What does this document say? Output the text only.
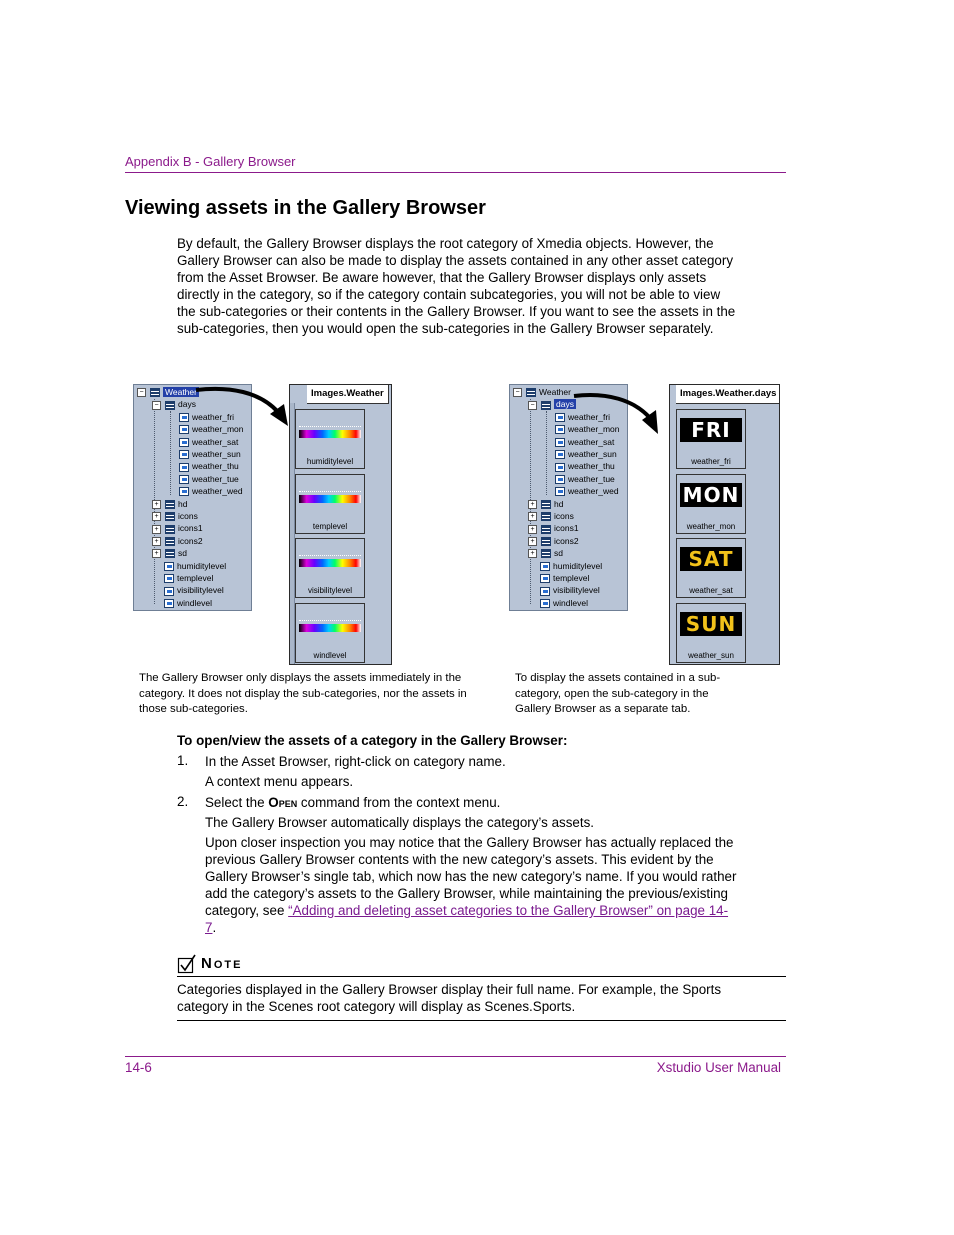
Appendix B - Gallery Browser
Viewing assets in the Gallery Browser
By default, the Gallery Browser displays the root category of Xmedia objects. However, the Gallery Browser can also be made to display the assets contained in any other asset category from the Asset Browser. Be aware however, that the Gallery Browser displays only assets directly in the category, so if the category contain subcategories, you will not be able to view the sub-categories or their contents in the Gallery Browser. If you want to see the assets in the sub-categories, then you would open the sub-categories in the Gallery Browser separately.
−	Weather
− days
weather_fri
weather_mon
weather_sat
weather_sun
weather_thu
weather_tue
weather_wed
+ hd
+ icons
+ icons1
+ icons2
+ sd
humiditylevel
templevel
visibilitylevel
windlevel
Images.Weather
humiditylevel
templevel
visibilitylevel
windlevel
The Gallery Browser only displays the assets immediately in the category. It does not display the sub-categories, nor the assets in those sub-categories.
− Weather
−	days
weather_fri
weather_mon
weather_sat
weather_sun
weather_thu
weather_tue
weather_wed
+ hd
+ icons
+ icons1
+ icons2
+ sd
humiditylevel
templevel
visibilitylevel
windlevel
Images.Weather.days
FRI
weather_fri
MON
weather_mon
SAT
weather_sat
SUN
weather_sun
To display the assets contained in a sub-category, open the sub-category in the Gallery Browser as a separate tab.
To open/view the assets of a category in the Gallery Browser:
1. In the Asset Browser, right-click on category name.
A context menu appears.
2. Select the Open command from the context menu.
The Gallery Browser automatically displays the category’s assets.
Upon closer inspection you may notice that the Gallery Browser has actually replaced the previous Gallery Browser contents with the new category’s assets. This evident by the Gallery Browser’s single tab, which now has the new category’s name. If you would rather add the category’s assets to the Gallery Browser, while maintaining the previous/existing category, see “Adding and deleting asset categories to the Gallery Browser” on page 14-7.
Note
Categories displayed in the Gallery Browser display their full name. For example, the Sports category in the Scenes root category will display as Scenes.Sports.
14-6	Xstudio User Manual
